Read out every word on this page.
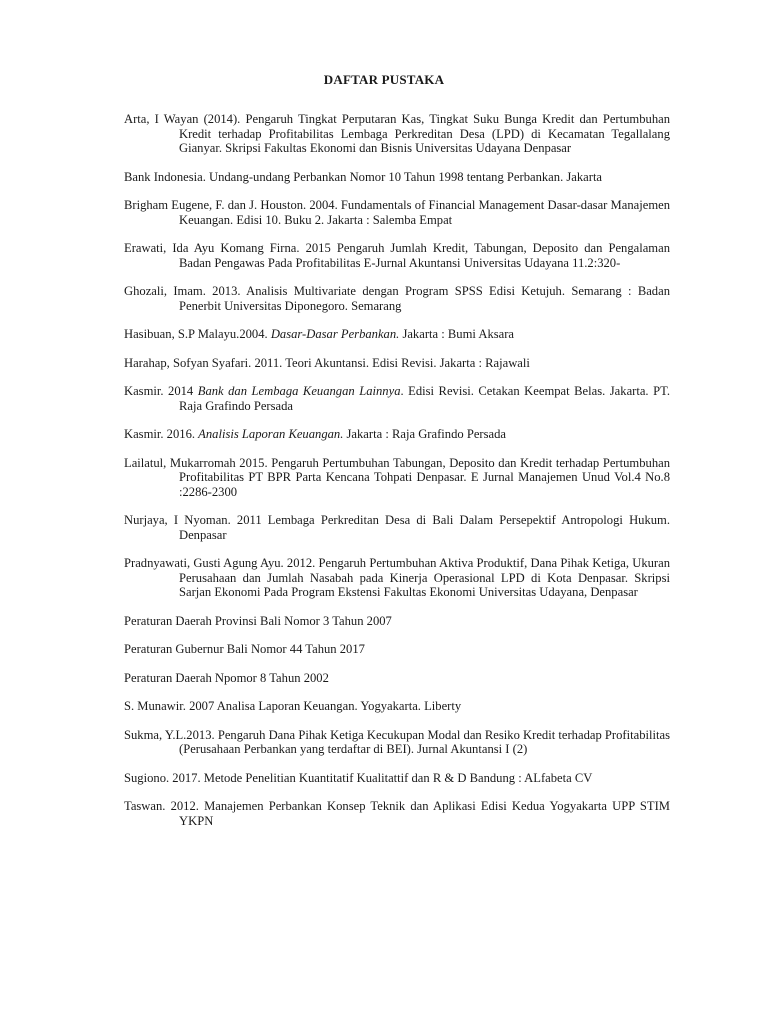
DAFTAR PUSTAKA

Arta, I Wayan (2014). Pengaruh Tingkat Perputaran Kas, Tingkat Suku Bunga Kredit dan Pertumbuhan Kredit terhadap Profitabilitas Lembaga Perkreditan Desa (LPD) di Kecamatan Tegallalang Gianyar. Skripsi Fakultas Ekonomi dan Bisnis Universitas Udayana Denpasar

Bank Indonesia. Undang-undang Perbankan Nomor 10 Tahun 1998 tentang Perbankan. Jakarta

Brigham Eugene, F. dan J. Houston. 2004. Fundamentals of Financial Management Dasar-dasar Manajemen Keuangan. Edisi 10. Buku 2. Jakarta : Salemba Empat

Erawati, Ida Ayu Komang Firna. 2015 Pengaruh Jumlah Kredit, Tabungan, Deposito dan Pengalaman Badan Pengawas Pada Profitabilitas E-Jurnal Akuntansi Universitas Udayana 11.2:320-

Ghozali, Imam. 2013. Analisis Multivariate dengan Program SPSS Edisi Ketujuh. Semarang : Badan Penerbit Universitas Diponegoro. Semarang

Hasibuan, S.P Malayu.2004. Dasar-Dasar Perbankan. Jakarta : Bumi Aksara

Harahap, Sofyan Syafari. 2011. Teori Akuntansi. Edisi Revisi. Jakarta : Rajawali

Kasmir. 2014 Bank dan Lembaga Keuangan Lainnya. Edisi Revisi. Cetakan Keempat Belas. Jakarta. PT. Raja Grafindo Persada

Kasmir. 2016. Analisis Laporan Keuangan. Jakarta : Raja Grafindo Persada

Lailatul, Mukarromah 2015. Pengaruh Pertumbuhan Tabungan, Deposito dan Kredit terhadap Pertumbuhan Profitabilitas PT BPR Parta Kencana Tohpati Denpasar. E Jurnal Manajemen Unud Vol.4 No.8 :2286-2300

Nurjaya, I Nyoman. 2011 Lembaga Perkreditan Desa di Bali Dalam Persepektif Antropologi Hukum. Denpasar

Pradnyawati, Gusti Agung Ayu. 2012. Pengaruh Pertumbuhan Aktiva Produktif, Dana Pihak Ketiga, Ukuran Perusahaan dan Jumlah Nasabah pada Kinerja Operasional LPD di Kota Denpasar. Skripsi Sarjan Ekonomi Pada Program Ekstensi Fakultas Ekonomi Universitas Udayana, Denpasar

Peraturan Daerah Provinsi Bali Nomor 3 Tahun 2007

Peraturan Gubernur Bali Nomor 44 Tahun 2017

Peraturan Daerah Npomor 8 Tahun 2002

S. Munawir. 2007 Analisa Laporan Keuangan. Yogyakarta. Liberty

Sukma, Y.L.2013. Pengaruh Dana Pihak Ketiga Kecukupan Modal dan Resiko Kredit terhadap Profitabilitas (Perusahaan Perbankan yang terdaftar di BEI). Jurnal Akuntansi I (2)

Sugiono. 2017. Metode Penelitian Kuantitatif Kualitattif dan R & D Bandung : ALfabeta CV

Taswan. 2012. Manajemen Perbankan Konsep Teknik dan Aplikasi Edisi Kedua Yogyakarta UPP STIM YKPN
